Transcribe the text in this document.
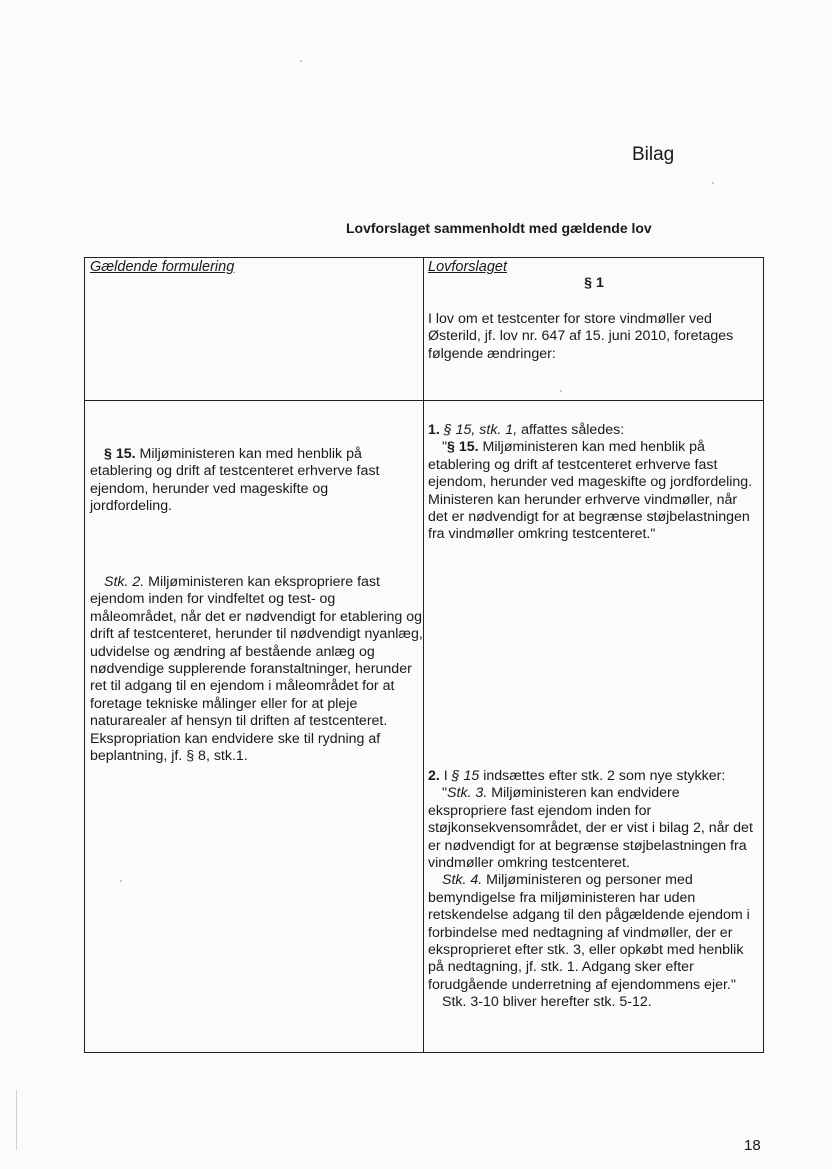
Bilag
Lovforslaget sammenholdt med gældende lov
Gældende formulering	Lovforslaget
§ 1
I lov om et testcenter for store vindmøller ved Østerild, jf. lov nr. 647 af 15. juni 2010, foretages følgende ændringer:

§ 15. Miljøministeren kan med henblik på etablering og drift af testcenteret erhverve fast ejendom, herunder ved mageskifte og jordfordeling.

Stk. 2. Miljøministeren kan ekspropriere fast ejendom inden for vindfeltet og test- og måleområdet, når det er nødvendigt for etablering og drift af testcenteret, herunder til nødvendigt nyanlæg, udvidelse og ændring af bestående anlæg og nødvendige supplerende foranstaltninger, herunder ret til adgang til en ejendom i måleområdet for at foretage tekniske målinger eller for at pleje naturarealer af hensyn til driften af testcenteret. Ekspropriation kan endvidere ske til rydning af beplantning, jf. § 8, stk.1.

1. § 15, stk. 1, affattes således:

"§ 15. Miljøministeren kan med henblik på etablering og drift af testcenteret erhverve fast ejendom, herunder ved mageskifte og jordfordeling. Ministeren kan herunder erhverve vindmøller, når det er nødvendigt for at begrænse støjbelastningen fra vindmøller omkring testcenteret."

2. I § 15 indsættes efter stk. 2 som nye stykker:

"Stk. 3. Miljøministeren kan endvidere ekspropriere fast ejendom inden for støjkonsekvensområdet, der er vist i bilag 2, når det er nødvendigt for at begrænse støjbelastningen fra vindmøller omkring testcenteret.

Stk. 4. Miljøministeren og personer med bemyndigelse fra miljøministeren har uden retskendelse adgang til den pågældende ejendom i forbindelse med nedtagning af vindmøller, der er eksproprieret efter stk. 3, eller opkøbt med henblik på nedtagning, jf. stk. 1. Adgang sker efter forudgående underretning af ejendommens ejer."

Stk. 3-10 bliver herefter stk. 5-12.

18
